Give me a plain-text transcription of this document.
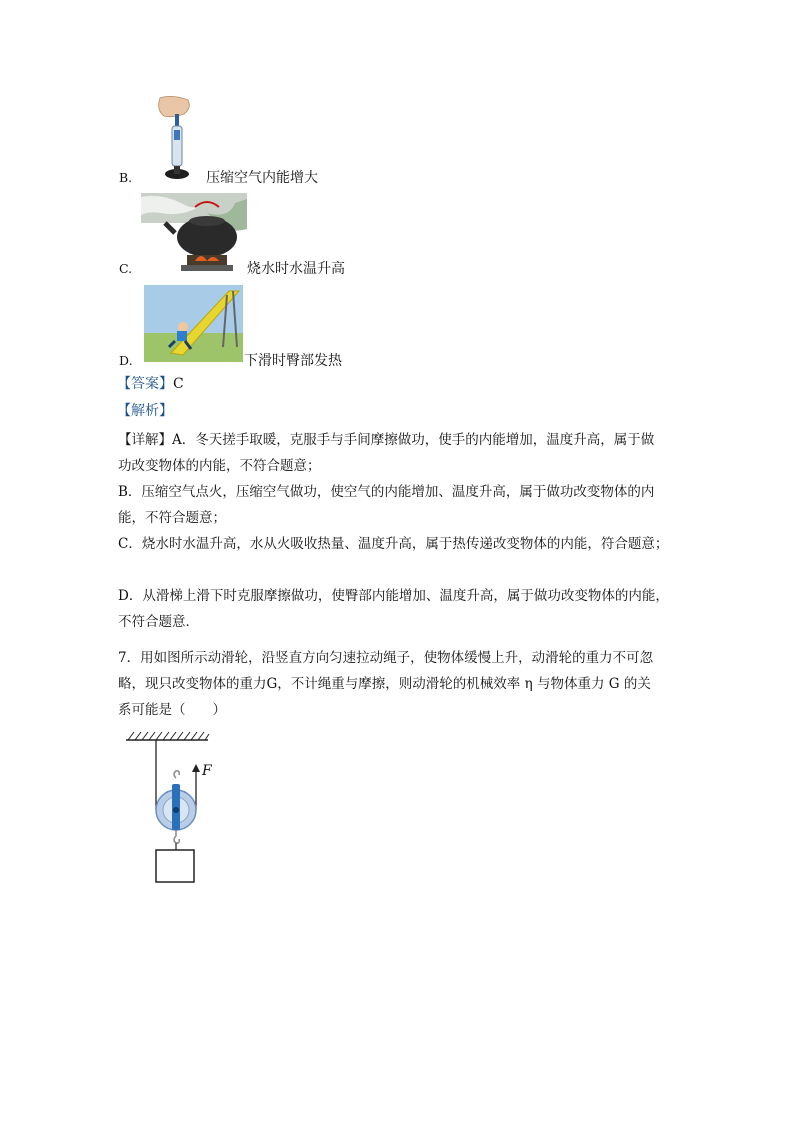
B.	压缩空气内能增大
C.	烧水时水温升高
D.	下滑时臀部发热
【答案】C
【解析】

【详解】A．冬天搓手取暖，克服手与手间摩擦做功，使手的内能增加，温度升高，属于做

功改变物体的内能，不符合题意；

B．压缩空气点火，压缩空气做功，使空气的内能增加、温度升高，属于做功改变物体的内

能，不符合题意；

C．烧水时水温升高，水从火吸收热量、温度升高，属于热传递改变物体的内能，符合题意；

D．从滑梯上滑下时克服摩擦做功，使臀部内能增加、温度升高，属于做功改变物体的内能，

不符合题意．

7．用如图所示动滑轮，沿竖直方向匀速拉动绳子，使物体缓慢上升，动滑轮的重力不可忽

略，现只改变物体的重力G，不计绳重与摩擦，则动滑轮的机械效率 η 与物体重力 G 的关

系可能是（　　）

F
